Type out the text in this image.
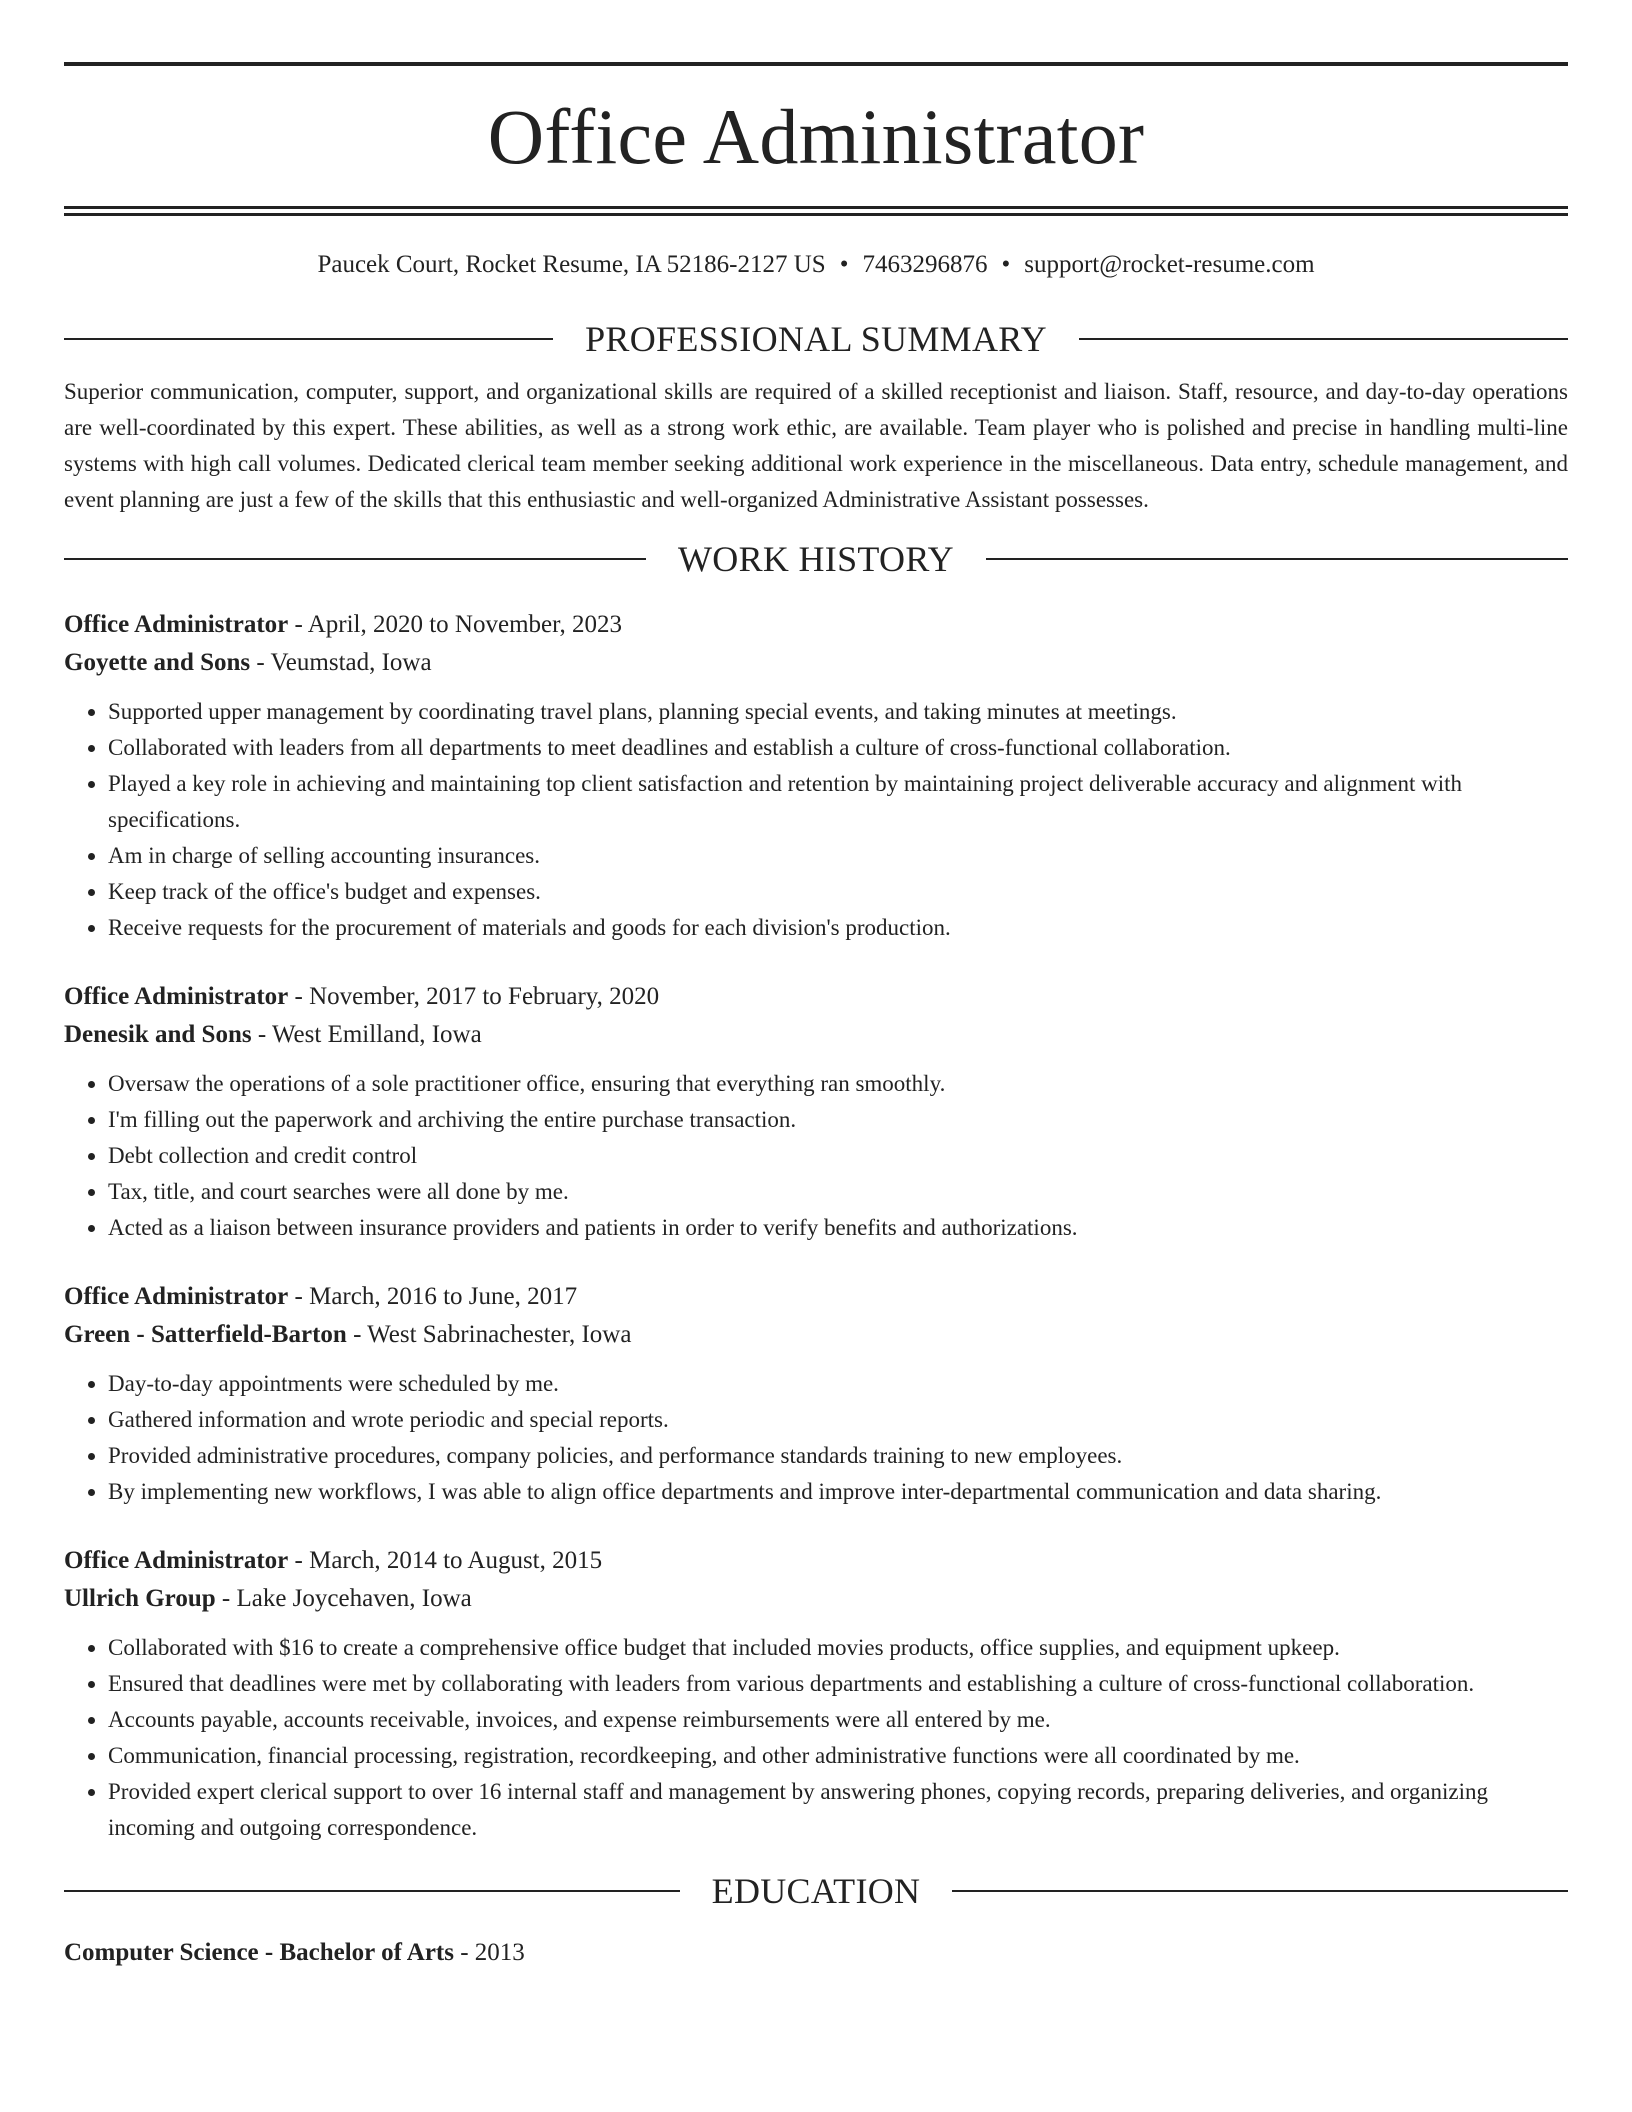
Office Administrator
Paucek Court, Rocket Resume, IA 52186-2127 US • 7463296876 • support@rocket-resume.com
PROFESSIONAL SUMMARY

Superior communication, computer, support, and organizational skills are required of a skilled receptionist and liaison. Staff, resource, and day-to-day operations are well-coordinated by this expert. These abilities, as well as a strong work ethic, are available. Team player who is polished and precise in handling multi-line systems with high call volumes. Dedicated clerical team member seeking additional work experience in the miscellaneous. Data entry, schedule management, and event planning are just a few of the skills that this enthusiastic and well-organized Administrative Assistant possesses.

WORK HISTORY
Office Administrator - April, 2020 to November, 2023
Goyette and Sons - Veumstad, Iowa
• Supported upper management by coordinating travel plans, planning special events, and taking minutes at meetings.
• Collaborated with leaders from all departments to meet deadlines and establish a culture of cross-functional collaboration.
• Played a key role in achieving and maintaining top client satisfaction and retention by maintaining project deliverable accuracy and alignment with specifications.
• Am in charge of selling accounting insurances.
• Keep track of the office's budget and expenses.
• Receive requests for the procurement of materials and goods for each division's production.
Office Administrator - November, 2017 to February, 2020
Denesik and Sons - West Emilland, Iowa
• Oversaw the operations of a sole practitioner office, ensuring that everything ran smoothly.
• I'm filling out the paperwork and archiving the entire purchase transaction.
• Debt collection and credit control
• Tax, title, and court searches were all done by me.
• Acted as a liaison between insurance providers and patients in order to verify benefits and authorizations.
Office Administrator - March, 2016 to June, 2017
Green - Satterfield-Barton - West Sabrinachester, Iowa
• Day-to-day appointments were scheduled by me.
• Gathered information and wrote periodic and special reports.
• Provided administrative procedures, company policies, and performance standards training to new employees.
• By implementing new workflows, I was able to align office departments and improve inter-departmental communication and data sharing.
Office Administrator - March, 2014 to August, 2015
Ullrich Group - Lake Joycehaven, Iowa
• Collaborated with $16 to create a comprehensive office budget that included movies products, office supplies, and equipment upkeep.
• Ensured that deadlines were met by collaborating with leaders from various departments and establishing a culture of cross-functional collaboration.
• Accounts payable, accounts receivable, invoices, and expense reimbursements were all entered by me.
• Communication, financial processing, registration, recordkeeping, and other administrative functions were all coordinated by me.
• Provided expert clerical support to over 16 internal staff and management by answering phones, copying records, preparing deliveries, and organizing incoming and outgoing correspondence.
EDUCATION
Computer Science - Bachelor of Arts - 2013
